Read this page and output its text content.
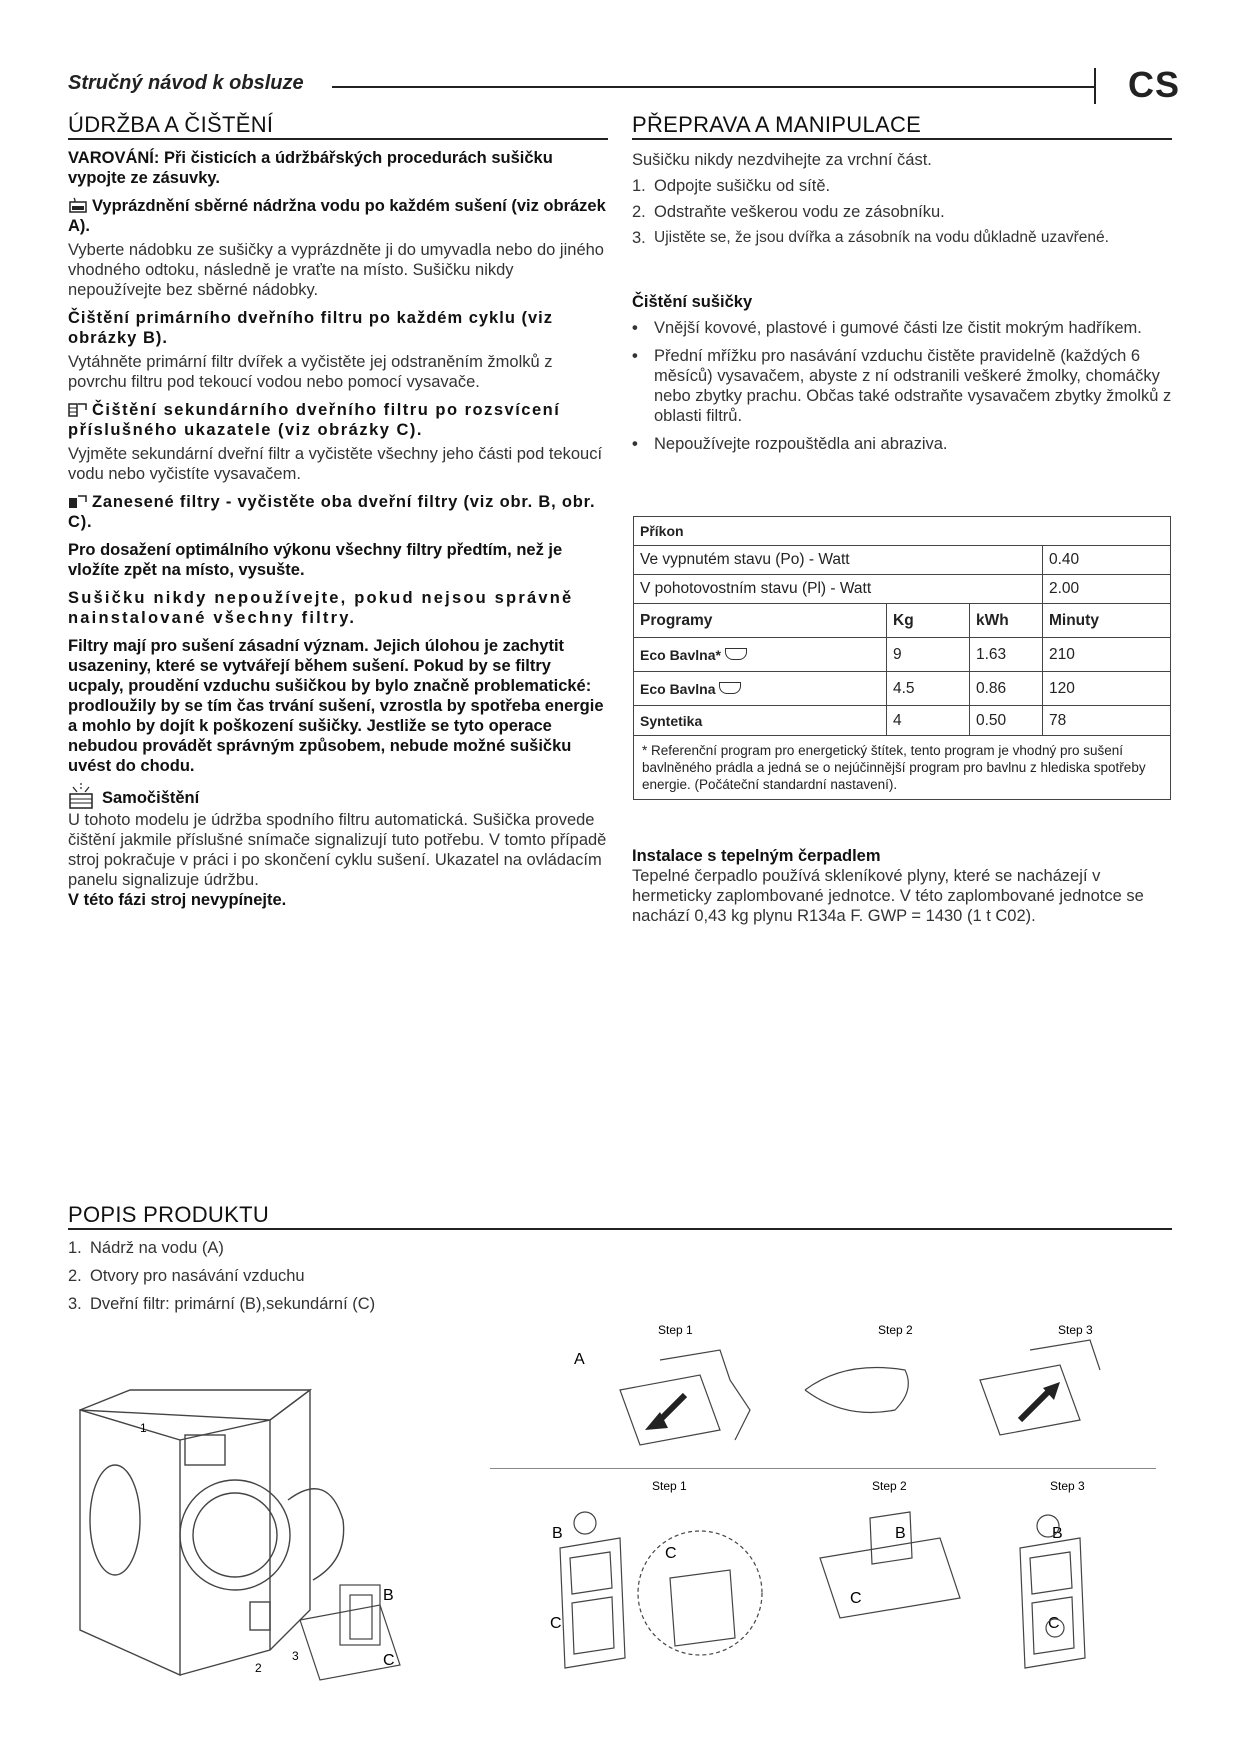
Stručný návod k obsluze	CS
ÚDRŽBA A ČIŠTĚNÍ

VAROVÁNÍ: Při čisticích a údržbářských procedurách sušičku vypojte ze zásuvky.

Vyprázdnění sběrné nádržna vodu po každém sušení (viz obrázek A).

Vyberte nádobku ze sušičky a vyprázdněte ji do umyvadla nebo do jiného vhodného odtoku, následně je vraťte na místo. Sušičku nikdy nepoužívejte bez sběrné nádobky.

Čištění primárního dveřního filtru po každém cyklu (viz obrázky B).

Vytáhněte primární filtr dvířek a vyčistěte jej odstraněním žmolků z povrchu filtru pod tekoucí vodou nebo pomocí vysavače.

Čištění sekundárního dveřního filtru po rozsvícení příslušného ukazatele (viz obrázky C).

Vyjměte sekundární dveřní filtr a vyčistěte všechny jeho části pod tekoucí vodu nebo vyčistíte vysavačem.

Zanesené filtry - vyčistěte oba dveřní filtry (viz obr. B, obr. C).

Pro dosažení optimálního výkonu všechny filtry předtím, než je vložíte zpět na místo, vysušte.

Sušičku nikdy nepoužívejte, pokud nejsou správně nainstalované všechny filtry.

Filtry mají pro sušení zásadní význam. Jejich úlohou je zachytit usazeniny, které se vytvářejí během sušení. Pokud by se filtry ucpaly, proudění vzduchu sušičkou by bylo značně problematické: prodloužily by se tím čas trvání sušení, vzrostla by spotřeba energie a mohlo by dojít k poškození sušičky. Jestliže se tyto operace nebudou provádět správným způsobem, nebude možné sušičku uvést do chodu.

Samočištění

U tohoto modelu je údržba spodního filtru automatická. Sušička provede čištění jakmile příslušné snímače signalizují tuto potřebu. V tomto případě stroj pokračuje v práci i po skončení cyklu sušení. Ukazatel na ovládacím panelu signalizuje údržbu.

V této fázi stroj nevypínejte.

PŘEPRAVA A MANIPULACE

Sušičku nikdy nezdvihejte za vrchní část.

1. Odpojte sušičku od sítě.
2. Odstraňte veškerou vodu ze zásobníku.
3. Ujistěte se, že jsou dvířka a zásobník na vodu důkladně uzavřené.

Čištění sušičky

• Vnější kovové, plastové i gumové části lze čistit mokrým hadříkem.
• Přední mřížku pro nasávání vzduchu čistěte pravidelně (každých 6 měsíců) vysavačem, abyste z ní odstranili veškeré žmolky, chomáčky nebo zbytky prachu. Občas také odstraňte vysavačem zbytky žmolků z oblasti filtrů.
• Nepoužívejte rozpouštědla ani abraziva.
Příkon			
Ve vypnutém stavu (Po) - Watt			0.40
V pohotovostním stavu (Pl) - Watt			2.00
Programy	Kg	kWh	Minuty
Eco Bavlna*	9	1.63	210
Eco Bavlna	4.5	0.86	120
Syntetika	4	0.50	78
* Referenční program pro energetický štítek, tento program je vhodný pro sušení bavlněného prádla a jedná se o nejúčinnější program pro bavlnu z hlediska spotřeby energie. (Počáteční standardní nastavení).			

Instalace s tepelným čerpadlem

Tepelné čerpadlo používá skleníkové plyny, které se nacházejí v hermeticky zaplombované jednotce. V této zaplombované jednotce se nachází 0,43 kg plynu R134a F. GWP = 1430 (1 t C02).

POPIS PRODUKTU
1. Nádrž na vodu (A)
2. Otvory pro nasávání vzduchu
3. Dveřní filtr: primární (B),sekundární (C)
1
2
3
B
C
Step 1	Step 2	Step 3
A
Step 1	Step 2	Step 3
B
C
C
B
C
B
C
